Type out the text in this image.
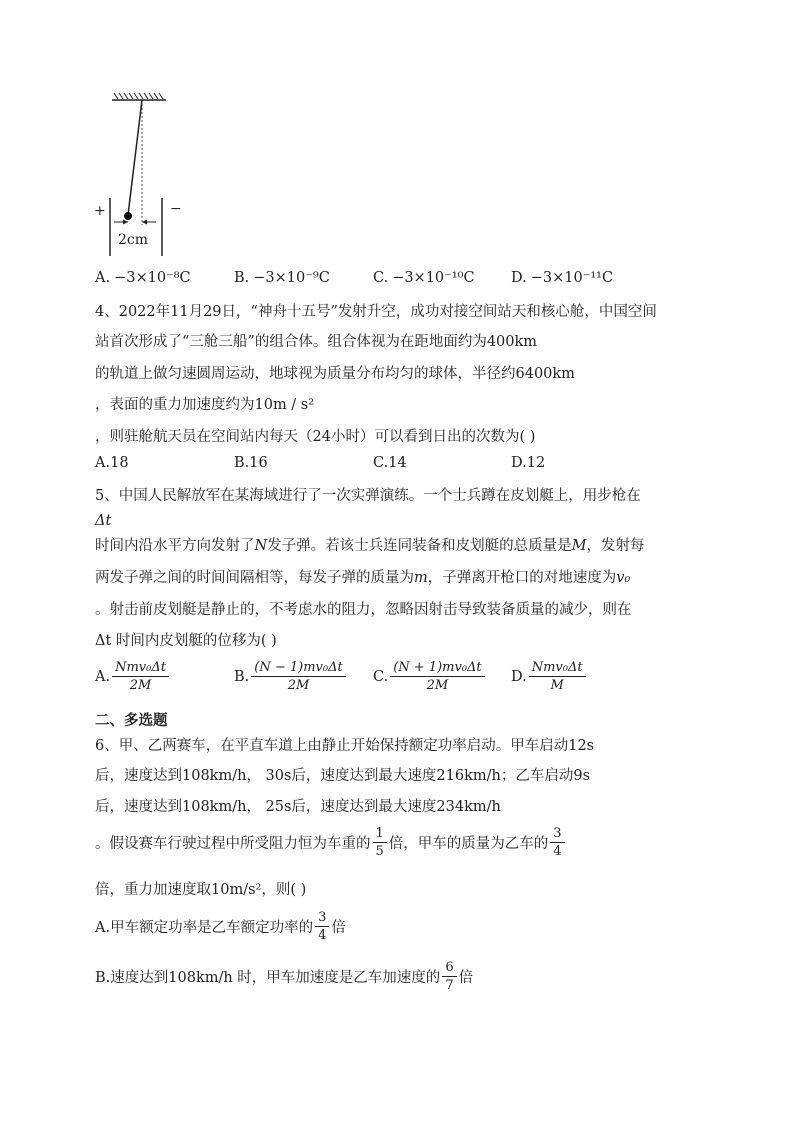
+	−
2cm
A. −3×10⁻⁸C	B. −3×10⁻⁹C	C. −3×10⁻¹⁰C	D. −3×10⁻¹¹C
4、2022年11月29日，“神舟十五号”发射升空，成功对接空间站天和核心舱，中国空间
站首次形成了“三舱三船”的组合体。组合体视为在距地面约为400km
的轨道上做匀速圆周运动，地球视为质量分布均匀的球体，半径约6400km
，表面的重力加速度约为10m / s²
，则驻舱航天员在空间站内每天（24小时）可以看到日出的次数为( )
A. 18	B. 16	C. 14	D. 12
5、中国人民解放军在某海域进行了一次实弹演练。一个士兵蹲在皮划艇上，用步枪在
Δt
时间内沿水平方向发射了N发子弹。若该士兵连同装备和皮划艇的总质量是M，发射每
两发子弹之间的时间间隔相等，每发子弹的质量为m，子弹离开枪口的对地速度为v₀
。射击前皮划艇是静止的，不考虑水的阻力，忽略因射击导致装备质量的减少，则在
Δt 时间内皮划艇的位移为( )
A. $\frac{\text{Nmv₀Δt}}{2M}$	B. $\frac{\text{(N − 1)mv₀Δt}}{2M} C$. $\frac{\text{(N + 1)mv₀Δt}}{2M} D$. $\frac{\text{Nmv₀Δt}}{M}$
二、多选题
6、甲、乙两赛车，在平直车道上由静止开始保持额定功率启动。甲车启动12s
后，速度达到108km/h， 30s后，速度达到最大速度216km/h；乙车启动9s
后，速度达到108km/h， 25s后，速度达到最大速度234km/h
。假设赛车行驶过程中所受阻力恒为车重的 $\frac{1}{5}$ 倍，甲车的质量为乙车的 $\frac{3}{4}$
倍，重力加速度取10m/s²，则( )
A.甲车额定功率是乙车额定功率的 $\frac{3}{4}$ 倍
B.速度达到108km/h 时，甲车加速度是乙车加速度的 $\frac{6}{7}$ 倍
